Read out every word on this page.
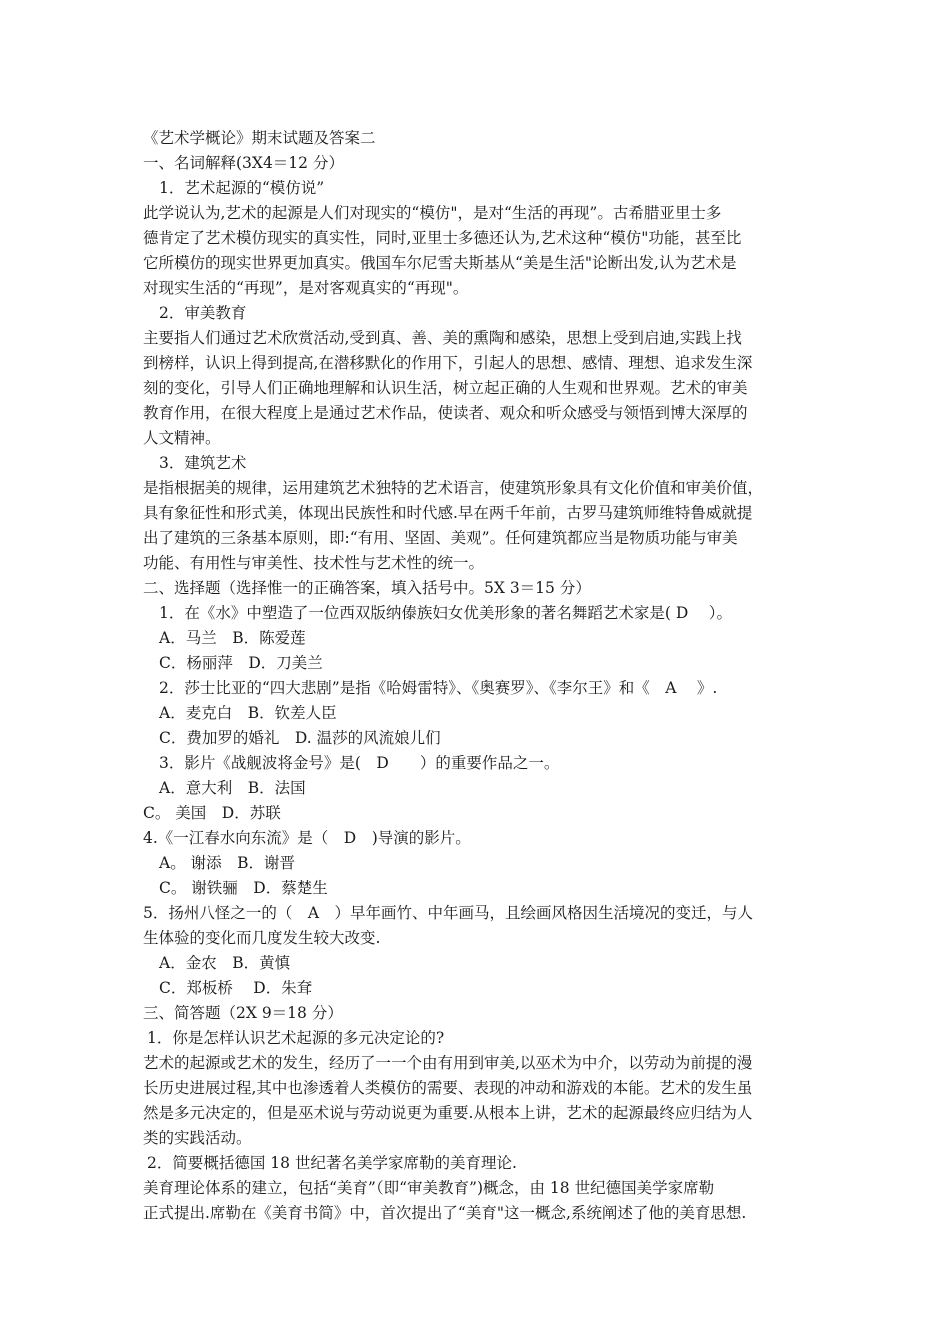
《艺术学概论》期末试题及答案二
一、名词解释(3X4＝12 分）
1．艺术起源的“模仿说”
此学说认为,艺术的起源是人们对现实的“模仿"，是对“生活的再现”。古希腊亚里士多
德肯定了艺术模仿现实的真实性，同时,亚里士多德还认为,艺术这种“模仿"功能，甚至比
它所模仿的现实世界更加真实。俄国车尔尼雪夫斯基从“美是生活"论断出发,认为艺术是
对现实生活的“再现”，是对客观真实的“再现"。
2．审美教育
主要指人们通过艺术欣赏活动,受到真、善、美的熏陶和感染，思想上受到启迪,实践上找
到榜样，认识上得到提高,在潜移默化的作用下，引起人的思想、感情、理想、追求发生深
刻的变化，引导人们正确地理解和认识生活，树立起正确的人生观和世界观。艺术的审美
教育作用，在很大程度上是通过艺术作品，使读者、观众和听众感受与领悟到博大深厚的
人文精神。
3．建筑艺术
是指根据美的规律，运用建筑艺术独特的艺术语言，使建筑形象具有文化价值和审美价值，
具有象征性和形式美，体现出民族性和时代感.早在两千年前，古罗马建筑师维特鲁威就提
出了建筑的三条基本原则，即:“有用、坚固、美观”。任何建筑都应当是物质功能与审美
功能、有用性与审美性、技术性与艺术性的统一。
二、选择题（选择惟一的正确答案，填入括号中。5X 3＝15 分）
1．在《水》中塑造了一位西双版纳傣族妇女优美形象的著名舞蹈艺术家是( D　 ）。
A．马兰　B．陈爱莲
C．杨丽萍　D．刀美兰
2．莎士比亚的“四大悲剧”是指《哈姆雷特》、《奥赛罗》、《李尔王》和《　A　 》.
A．麦克白　B．钦差人臣
C．费加罗的婚礼　D. 温莎的风流娘儿们
3．影片《战舰波将金号》是(　D　　）的重要作品之一。
A．意大利　B．法国
C。 美国　D．苏联
4.《一江春水向东流》是（　D　)导演的影片。
A。 谢添　B．谢晋
C。 谢铁骊　D．蔡楚生
5．扬州八怪之一的（　A　）早年画竹、中年画马，且绘画风格因生活境况的变迁，与人
生体验的变化而几度发生较大改变.
A．金农　B．黄慎
C．郑板桥　 D．朱耷
三、简答题（2X 9＝18 分）
1．你是怎样认识艺术起源的多元决定论的?
艺术的起源或艺术的发生，经历了一一个由有用到审美,以巫术为中介，以劳动为前提的漫
长历史进展过程,其中也渗透着人类模仿的需要、表现的冲动和游戏的本能。艺术的发生虽
然是多元决定的，但是巫术说与劳动说更为重要.从根本上讲，艺术的起源最终应归结为人
类的实践活动。
2．简要概括德国 18 世纪著名美学家席勒的美育理论.
美育理论体系的建立，包括“美育”（即“审美教育”)概念，由 18 世纪德国美学家席勒
正式提出.席勒在《美育书简》中，首次提出了“美育"这一概念,系统阐述了他的美育思想.
